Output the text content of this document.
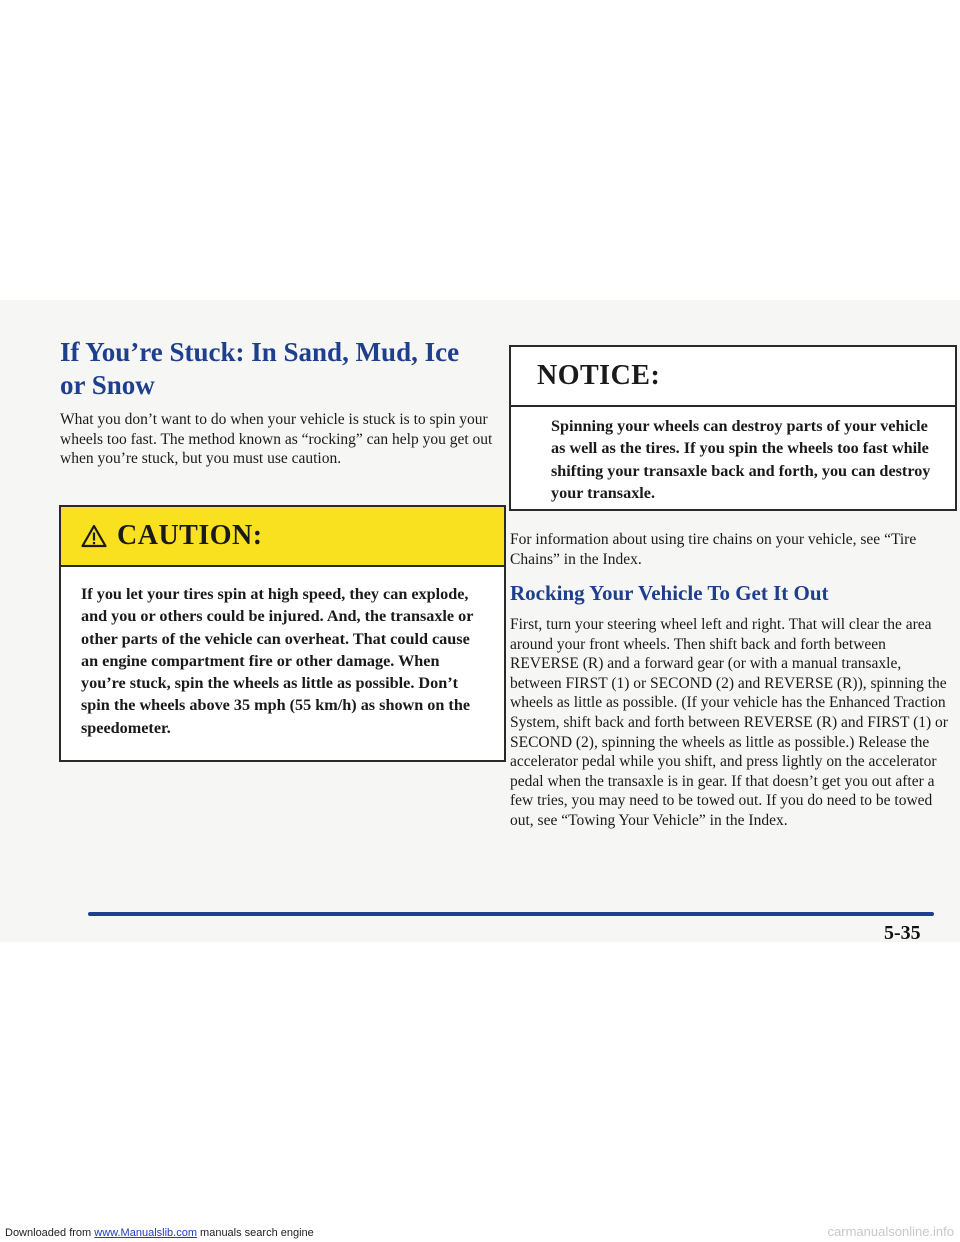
If You’re Stuck: In Sand, Mud, Ice or Snow

What you don’t want to do when your vehicle is stuck is to spin your wheels too fast. The method known as “rocking” can help you get out when you’re stuck, but you must use caution.

CAUTION:

If you let your tires spin at high speed, they can explode, and you or others could be injured. And, the transaxle or other parts of the vehicle can overheat. That could cause an engine compartment fire or other damage. When you’re stuck, spin the wheels as little as possible. Don’t spin the wheels above 35 mph (55 km/h) as shown on the speedometer.

NOTICE:

Spinning your wheels can destroy parts of your vehicle as well as the tires. If you spin the wheels too fast while shifting your transaxle back and forth, you can destroy your transaxle.

For information about using tire chains on your vehicle, see “Tire Chains” in the Index.

Rocking Your Vehicle To Get It Out

First, turn your steering wheel left and right. That will clear the area around your front wheels. Then shift back and forth between REVERSE (R) and a forward gear (or with a manual transaxle, between FIRST (1) or SECOND (2) and REVERSE (R)), spinning the wheels as little as possible. (If your vehicle has the Enhanced Traction System, shift back and forth between REVERSE (R) and FIRST (1) or SECOND (2), spinning the wheels as little as possible.) Release the accelerator pedal while you shift, and press lightly on the accelerator pedal when the transaxle is in gear. If that doesn’t get you out after a few tries, you may need to be towed out. If you do need to be towed out, see “Towing Your Vehicle” in the Index.

5-35

Downloaded from www.Manualslib.com manuals search engine	carmanualsonline.info
